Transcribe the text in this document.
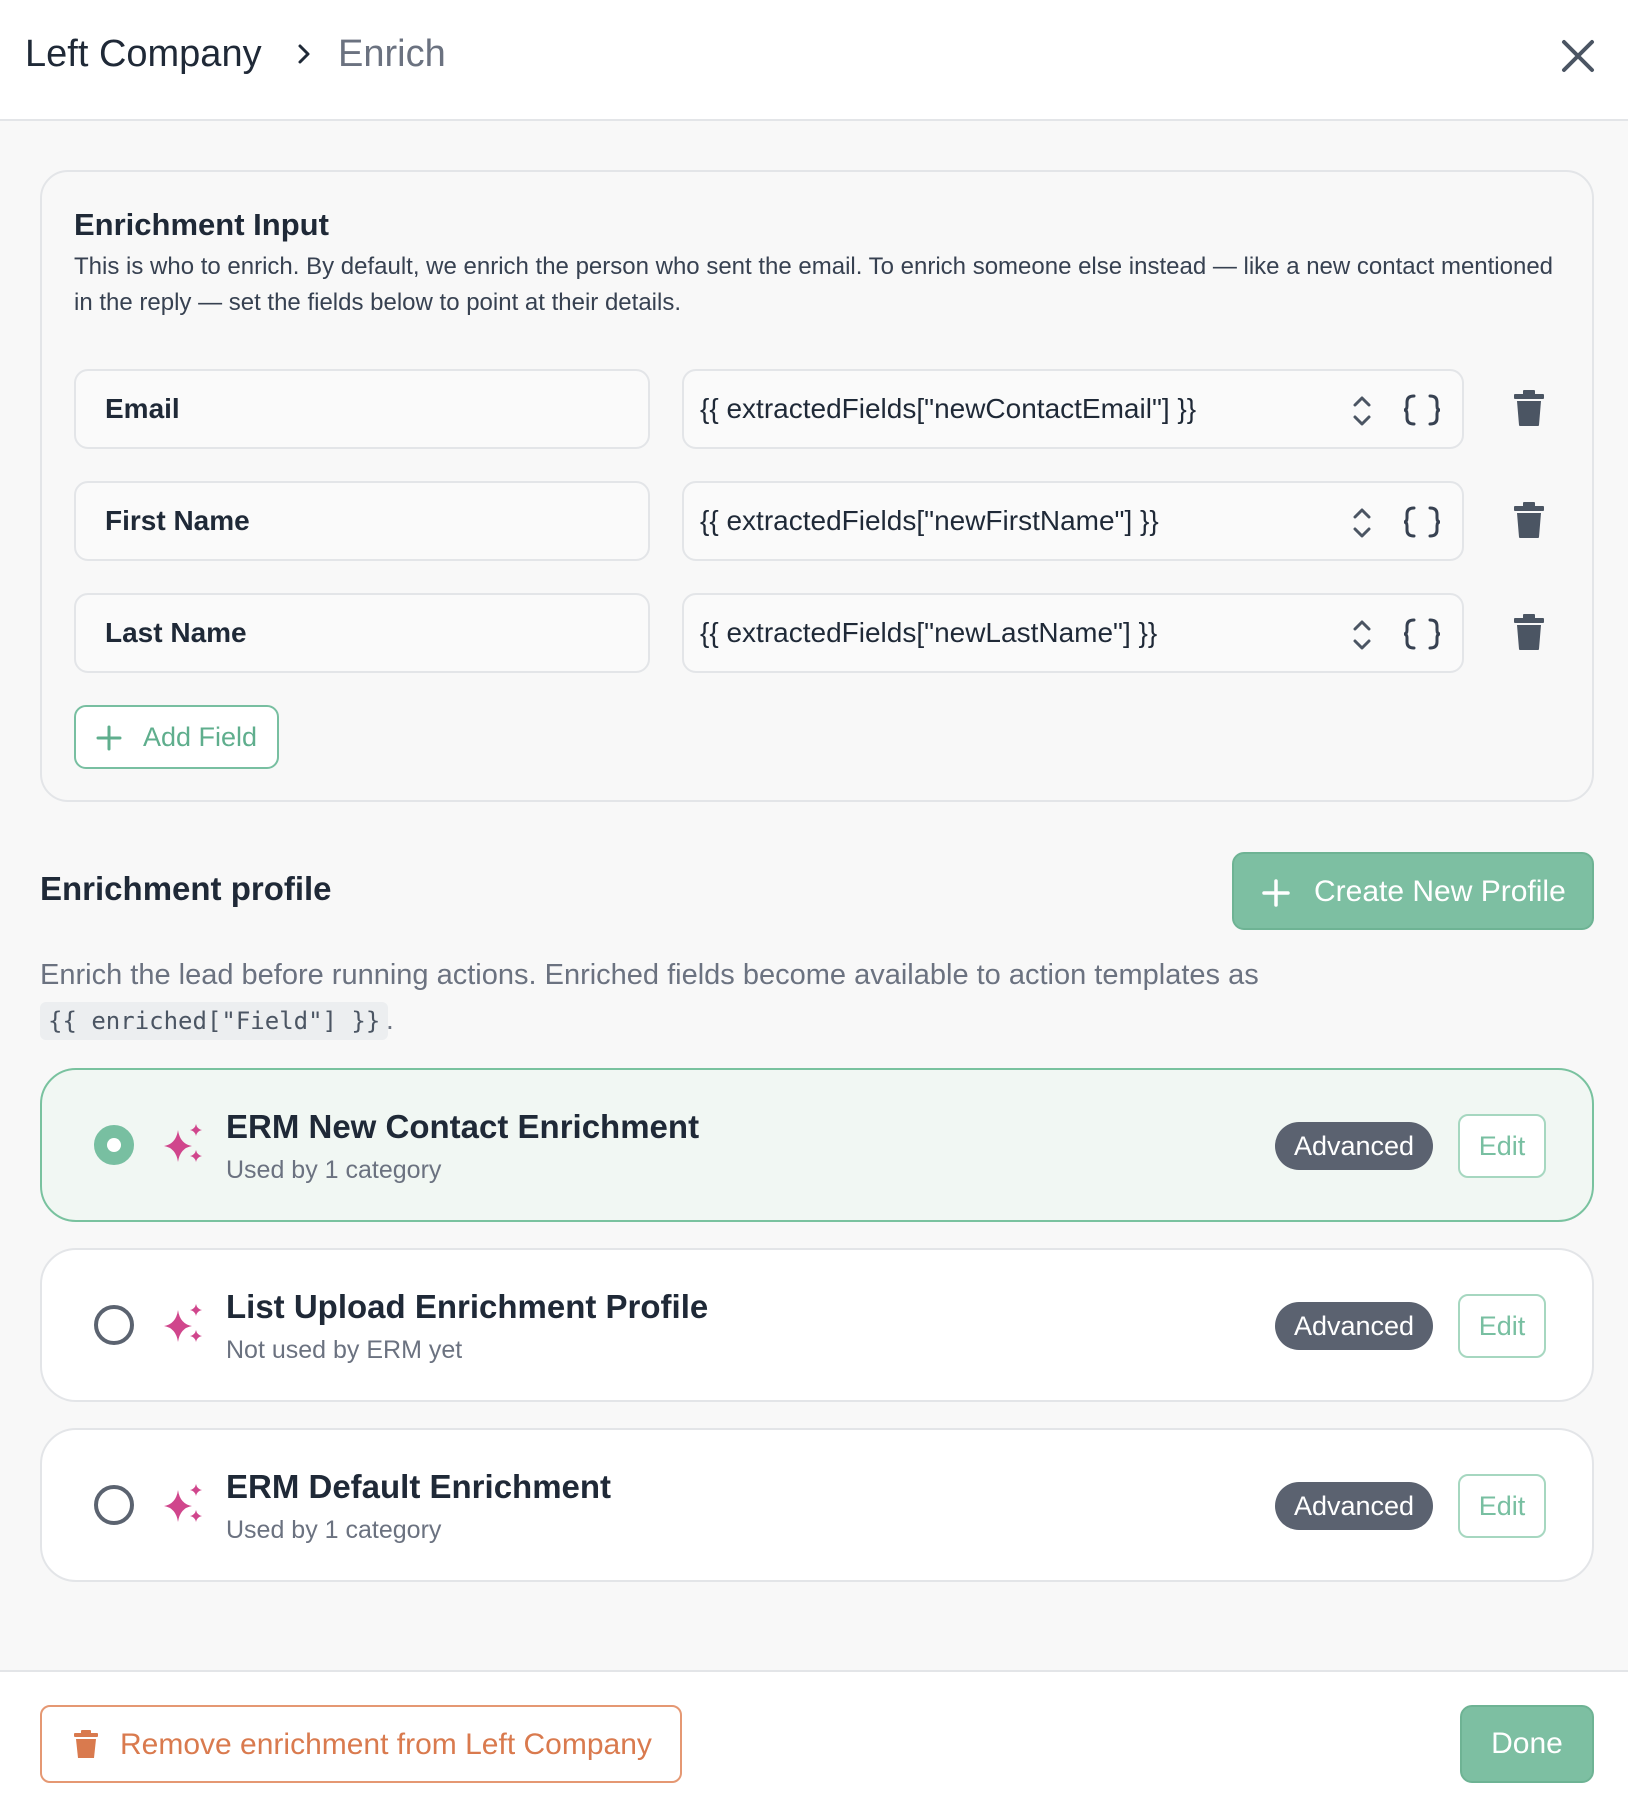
Left Company Enrich
Enrichment Input
This is who to enrich. By default, we enrich the person who sent the email. To enrich someone else instead — like a new contact mentioned in the reply — set the fields below to point at their details.
Email	{{ extractedFields["newContactEmail"] }}
First Name	{{ extractedFields["newFirstName"] }}
Last Name	{{ extractedFields["newLastName"] }}
Add Field
Enrichment profile	Create New Profile
Enrich the lead before running actions. Enriched fields become available to action templates as
{{ enriched["Field"] }} .
ERM New Contact Enrichment
Used by 1 category
Advanced	Edit
List Upload Enrichment Profile
Not used by ERM yet
Advanced	Edit
ERM Default Enrichment
Used by 1 category
Advanced	Edit
Remove enrichment from Left Company	Done
